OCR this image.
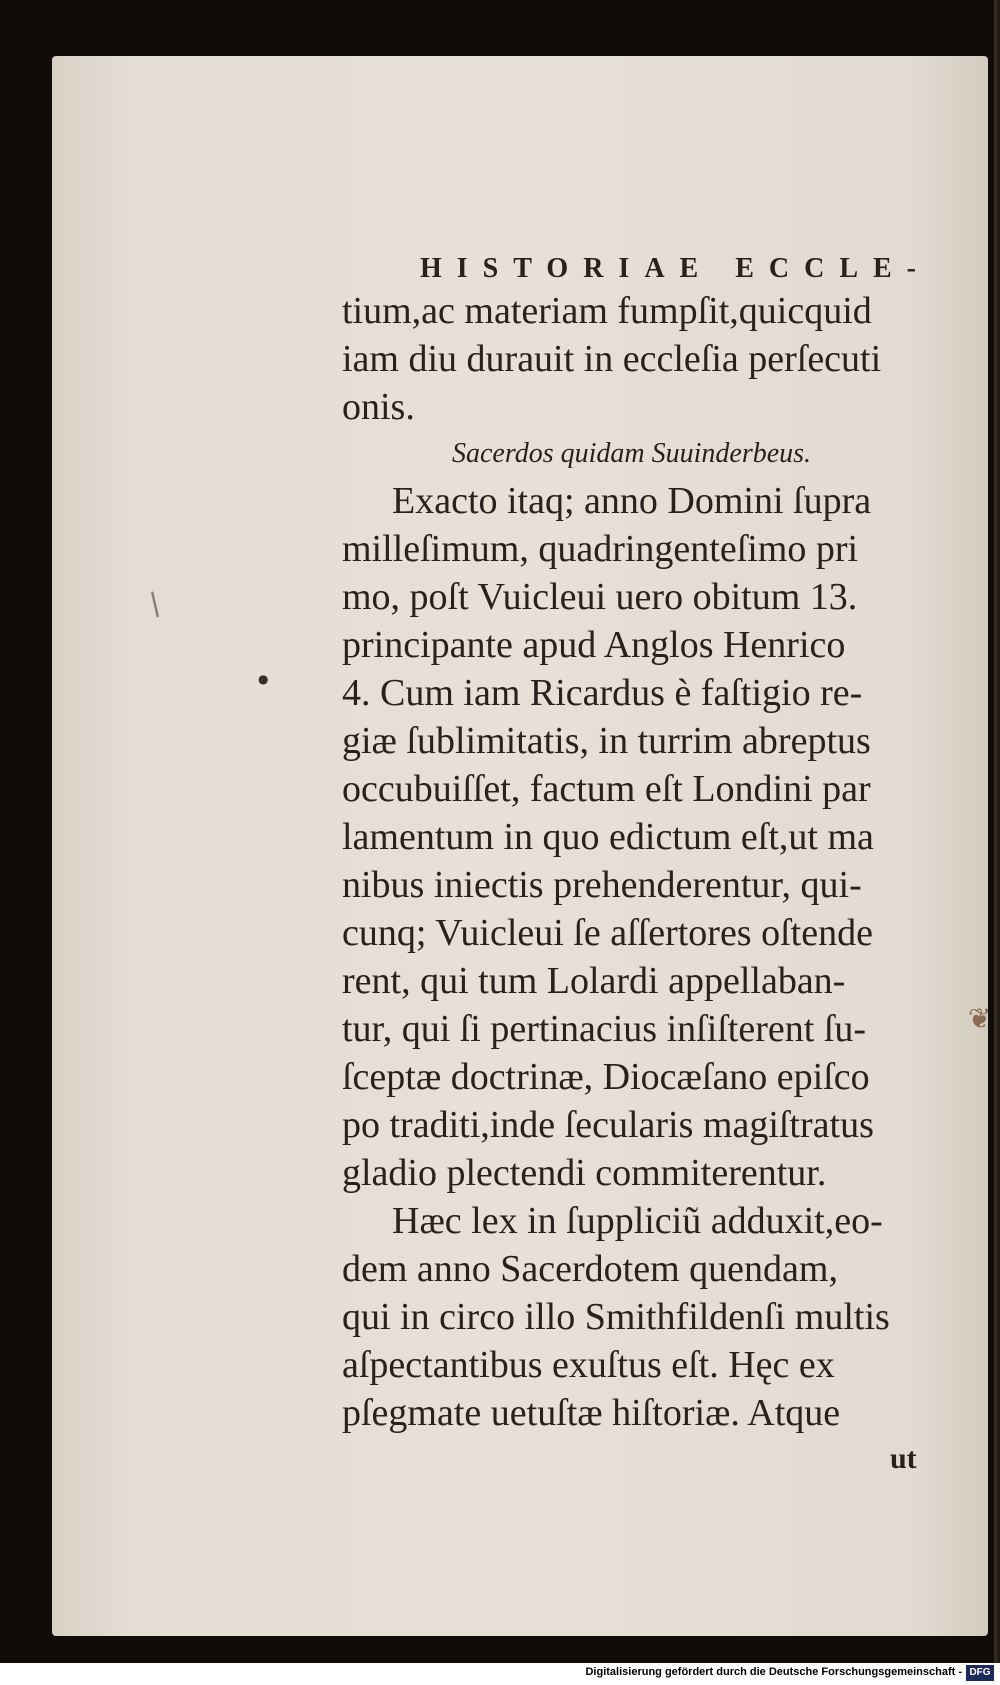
HISTORIAE ECCLE-
tium,ac materiam fumpſit,quicquid
iam diu durauit in eccleſia perſecuti
onis.
Sacerdos quidam Suuinderbeus.
Exacto itaq; anno Domini ſupra
milleſimum, quadringenteſimo pri
mo, poſt Vuicleui uero obitum 13.
principante apud Anglos Henrico
4. Cum iam Ricardus è faſtigio re-
giæ ſublimitatis, in turrim abreptus
occubuiſſet, factum eſt Londini par
lamentum in quo edictum eſt,ut ma
nibus iniectis prehenderentur, qui-
cunq; Vuicleui ſe aſſertores oſtende
rent, qui tum Lolardi appellaban-
tur, qui ſi pertinacius inſiſterent ſu-
ſceptæ doctrinæ, Diocæſano epiſco
po traditi,inde ſecularis magiſtratus
gladio plectendi commiterentur.
Hæc lex in ſuppliciũ adduxit,eo-
dem anno Sacerdotem quendam,
qui in circo illo Smithfildenſi multis
aſpectantibus exuſtus eſt. Hęc ex
pſegmate uetuſtæ hiſtoriæ. Atque
ut
/
●
❦
Digitalisierung gefördert durch die Deutsche Forschungsgemeinschaft - DFG
